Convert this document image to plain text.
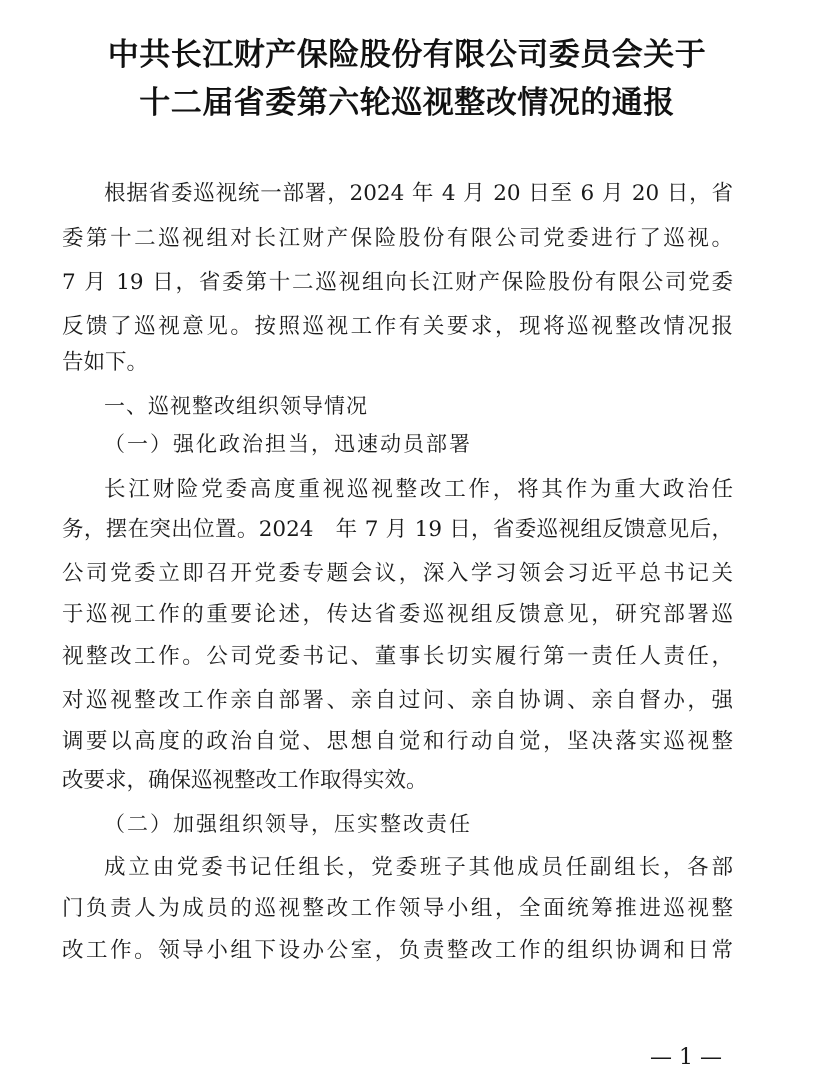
中共长江财产保险股份有限公司委员会关于
十二届省委第六轮巡视整改情况的通报
根据省委巡视统一部署，2024 年 4 月 20 日至 6 月 20 日，省
委第十二巡视组对长江财产保险股份有限公司党委进行了巡视。
7 月 19 日，省委第十二巡视组向长江财产保险股份有限公司党委
反馈了巡视意见。按照巡视工作有关要求，现将巡视整改情况报
告如下。
一、巡视整改组织领导情况
（一）强化政治担当，迅速动员部署
长江财险党委高度重视巡视整改工作，将其作为重大政治任
务，摆在突出位置。2024　年 7 月 19 日，省委巡视组反馈意见后，
公司党委立即召开党委专题会议，深入学习领会习近平总书记关
于巡视工作的重要论述，传达省委巡视组反馈意见，研究部署巡
视整改工作。公司党委书记、董事长切实履行第一责任人责任，
对巡视整改工作亲自部署、亲自过问、亲自协调、亲自督办，强
调要以高度的政治自觉、思想自觉和行动自觉，坚决落实巡视整
改要求，确保巡视整改工作取得实效。
（二）加强组织领导，压实整改责任
成立由党委书记任组长，党委班子其他成员任副组长，各部
门负责人为成员的巡视整改工作领导小组，全面统筹推进巡视整
改工作。领导小组下设办公室，负责整改工作的组织协调和日常
— 1 —
